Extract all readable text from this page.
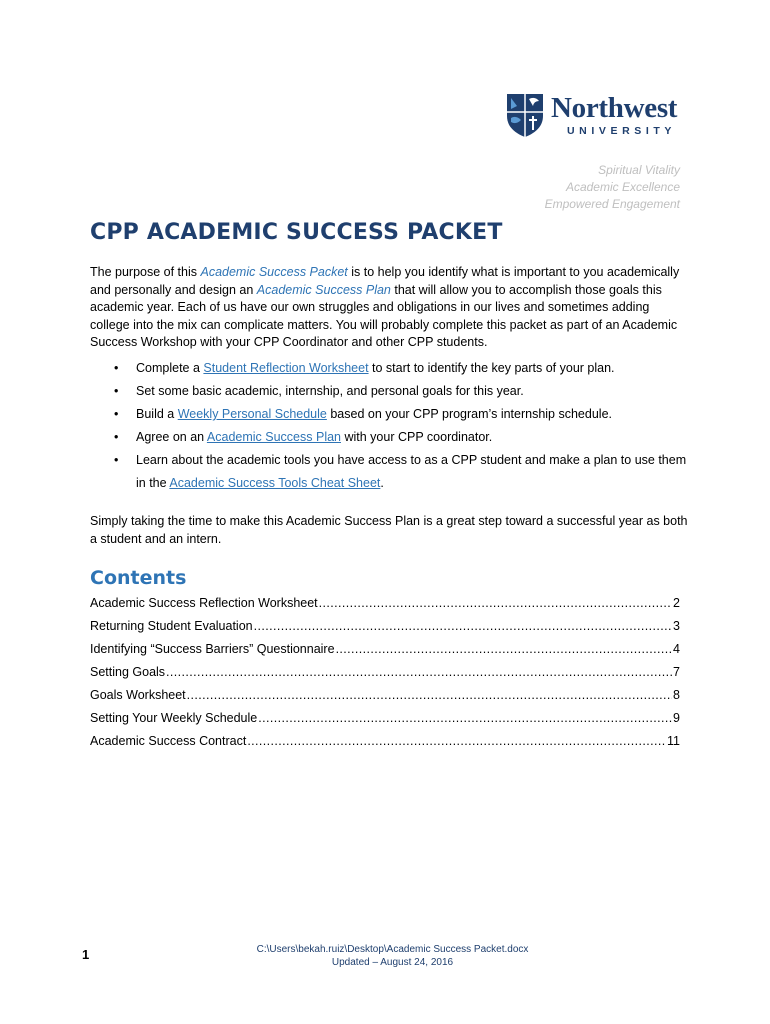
Northwest
UNIVERSITY
Spiritual Vitality
Academic Excellence
Empowered Engagement
CPP ACADEMIC SUCCESS PACKET
The purpose of this Academic Success Packet is to help you identify what is important to you academically and personally and design an Academic Success Plan that will allow you to accomplish those goals this academic year. Each of us have our own struggles and obligations in our lives and sometimes adding college into the mix can complicate matters. You will probably complete this packet as part of an Academic Success Workshop with your CPP Coordinator and other CPP students.
• Complete a Student Reflection Worksheet to start to identify the key parts of your plan.
• Set some basic academic, internship, and personal goals for this year.
• Build a Weekly Personal Schedule based on your CPP program’s internship schedule.
• Agree on an Academic Success Plan with your CPP coordinator.
• Learn about the academic tools you have access to as a CPP student and make a plan to use them in the Academic Success Tools Cheat Sheet.
Simply taking the time to make this Academic Success Plan is a great step toward a successful year as both a student and an intern.
Contents
Academic Success Reflection Worksheet .....	2
Returning Student Evaluation .....	3
Identifying “Success Barriers” Questionnaire .....	4
Setting Goals .....	7
Goals Worksheet .....	8
Setting Your Weekly Schedule .....	9
Academic Success Contract .....	11
1	C:\Users\bekah.ruiz\Desktop\Academic Success Packet.docx
Updated – August 24, 2016
